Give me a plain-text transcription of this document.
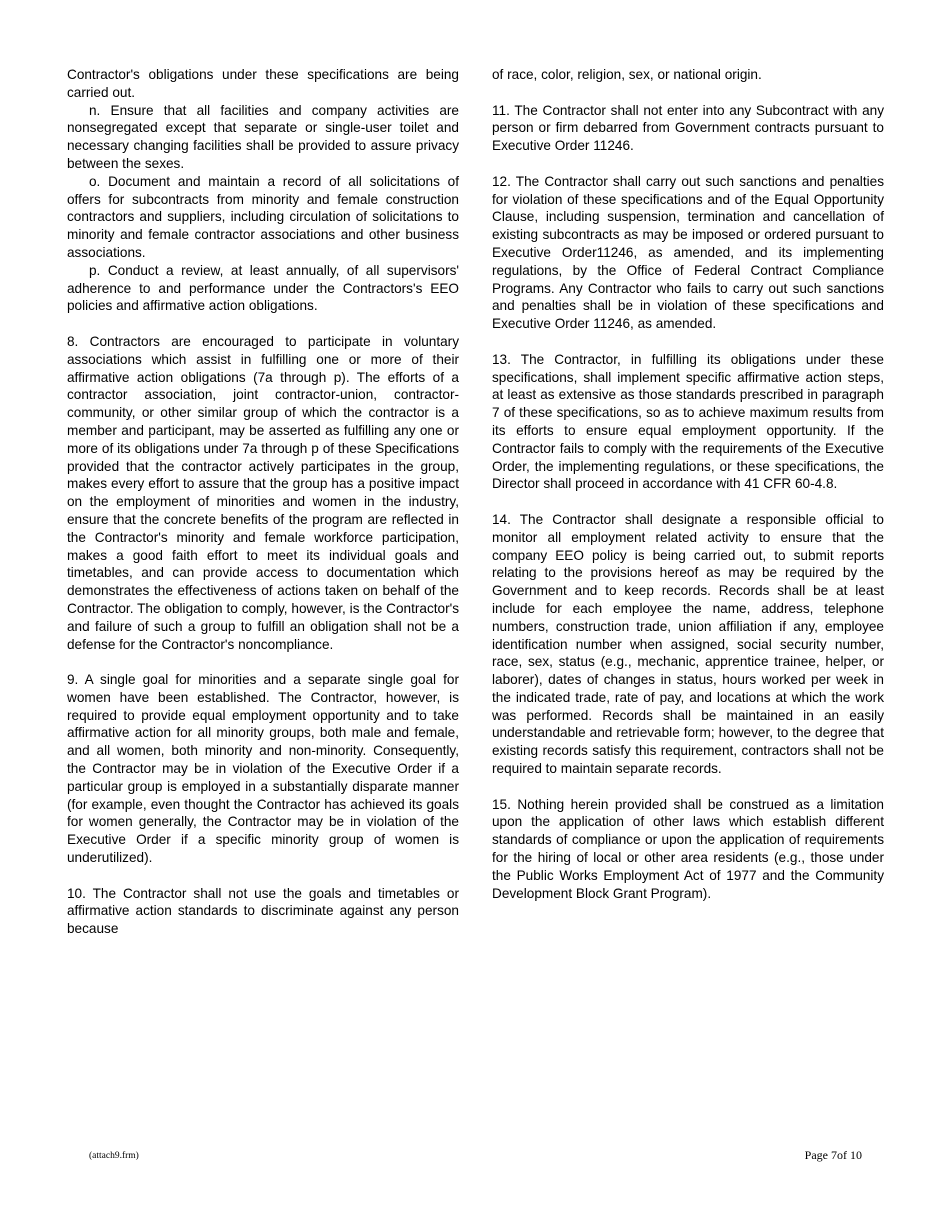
Contractor's obligations under these specifications are being carried out.

n. Ensure that all facilities and company activities are nonsegregated except that separate or single-user toilet and necessary changing facilities shall be provided to assure privacy between the sexes.

o. Document and maintain a record of all solicitations of offers for subcontracts from minority and female construction contractors and suppliers, including circulation of solicitations to minority and female contractor associations and other business associations.

p. Conduct a review, at least annually, of all supervisors' adherence to and performance under the Contractors's EEO policies and affirmative action obligations.

8. Contractors are encouraged to participate in voluntary associations which assist in fulfilling one or more of their affirmative action obligations (7a through p). The efforts of a contractor association, joint contractor-union, contractor-community, or other similar group of which the contractor is a member and participant, may be asserted as fulfilling any one or more of its obligations under 7a through p of these Specifications provided that the contractor actively participates in the group, makes every effort to assure that the group has a positive impact on the employment of minorities and women in the industry, ensure that the concrete benefits of the program are reflected in the Contractor's minority and female workforce participation, makes a good faith effort to meet its individual goals and timetables, and can provide access to documentation which demonstrates the effectiveness of actions taken on behalf of the Contractor. The obligation to comply, however, is the Contractor's and failure of such a group to fulfill an obligation shall not be a defense for the Contractor's noncompliance.

9. A single goal for minorities and a separate single goal for women have been established. The Contractor, however, is required to provide equal employment opportunity and to take affirmative action for all minority groups, both male and female, and all women, both minority and non-minority. Consequently, the Contractor may be in violation of the Executive Order if a particular group is employed in a substantially disparate manner (for example, even thought the Contractor has achieved its goals for women generally, the Contractor may be in violation of the Executive Order if a specific minority group of women is underutilized).

10. The Contractor shall not use the goals and timetables or affirmative action standards to discriminate against any person because

of race, color, religion, sex, or national origin.

11. The Contractor shall not enter into any Subcontract with any person or firm debarred from Government contracts pursuant to Executive Order 11246.

12. The Contractor shall carry out such sanctions and penalties for violation of these specifications and of the Equal Opportunity Clause, including suspension, termination and cancellation of existing subcontracts as may be imposed or ordered pursuant to Executive Order11246, as amended, and its implementing regulations, by the Office of Federal Contract Compliance Programs. Any Contractor who fails to carry out such sanctions and penalties shall be in violation of these specifications and Executive Order 11246, as amended.

13. The Contractor, in fulfilling its obligations under these specifications, shall implement specific affirmative action steps, at least as extensive as those standards prescribed in paragraph 7 of these specifications, so as to achieve maximum results from its efforts to ensure equal employment opportunity. If the Contractor fails to comply with the requirements of the Executive Order, the implementing regulations, or these specifications, the Director shall proceed in accordance with 41 CFR 60-4.8.

14. The Contractor shall designate a responsible official to monitor all employment related activity to ensure that the company EEO policy is being carried out, to submit reports relating to the provisions hereof as may be required by the Government and to keep records. Records shall be at least include for each employee the name, address, telephone numbers, construction trade, union affiliation if any, employee identification number when assigned, social security number, race, sex, status (e.g., mechanic, apprentice trainee, helper, or laborer), dates of changes in status, hours worked per week in the indicated trade, rate of pay, and locations at which the work was performed. Records shall be maintained in an easily understandable and retrievable form; however, to the degree that existing records satisfy this requirement, contractors shall not be required to maintain separate records.

15. Nothing herein provided shall be construed as a limitation upon the application of other laws which establish different standards of compliance or upon the application of requirements for the hiring of local or other area residents (e.g., those under the Public Works Employment Act of 1977 and the Community Development Block Grant Program).

(attach9.frm)	Page 7of 10
